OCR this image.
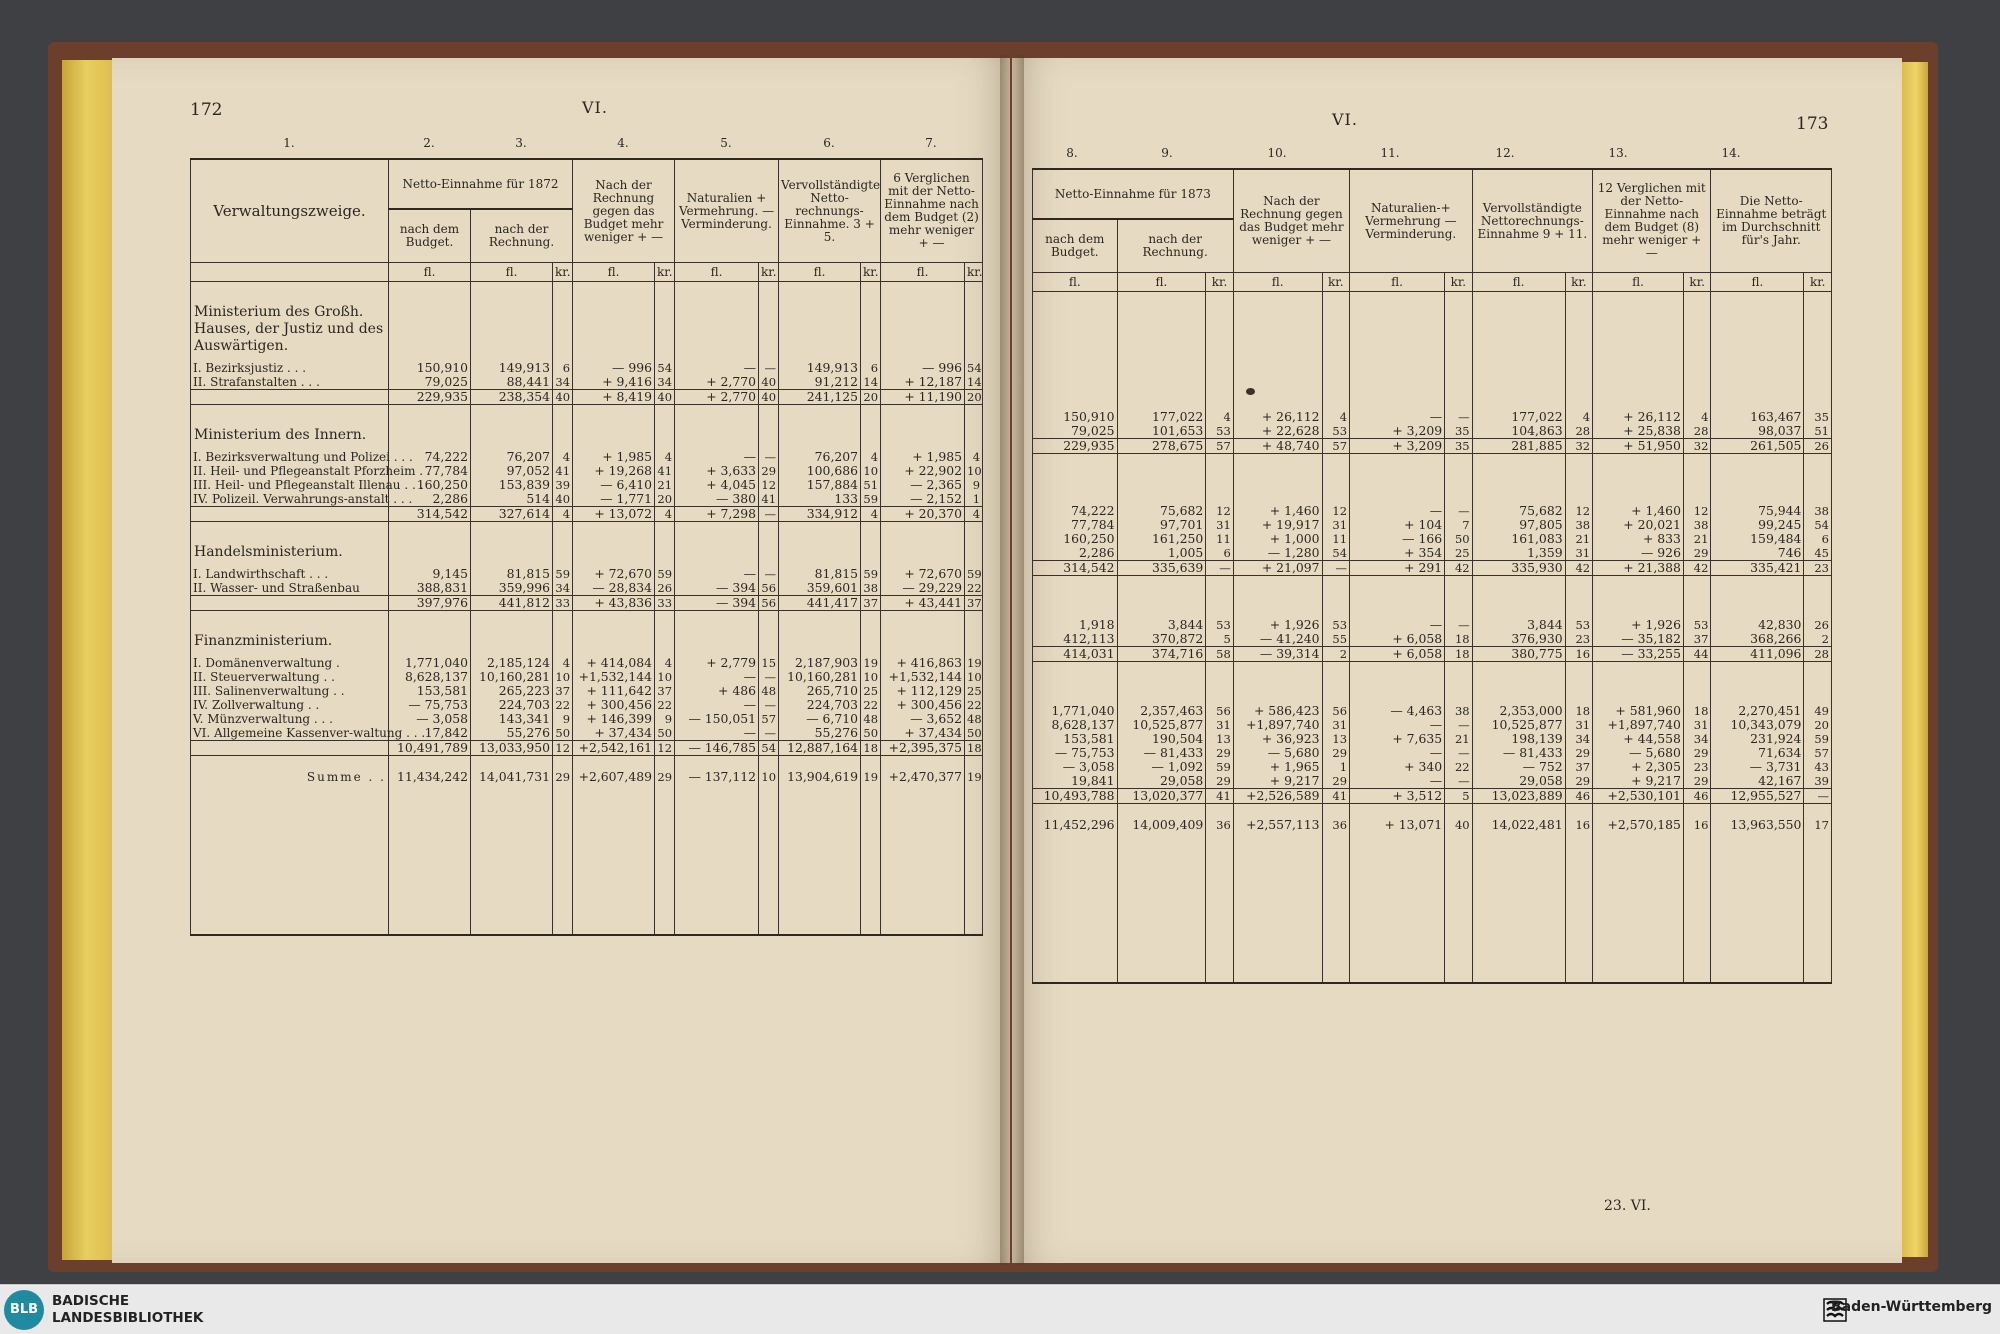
172	VI.
1.	2.	3.	4.	5.	6.	7.
Verwaltungszweige.	Netto-Einnahme für 1872			Nach der Rechnung gegen das Budget mehr weniger + —		Naturalien + Vermehrung. — Verminderung.		Vervollständigte Netto-rechnungs-Einnahme. 3 + 5.		6 Verglichen mit der Netto-Einnahme nach dem Budget (2) mehr weniger + —	
	nach dem Budget.	nach der Rechnung.									
	fl.	fl.	kr.	fl.	kr.	fl.	kr.	fl.	kr.	fl.	kr.

Ministerium des Großh. Hauses, der Justiz und des Auswärtigen.											
I. Bezirksjustiz . . .	150,910	149,913	6	— 996	54	—	—	149,913	6	— 996	54
II. Strafanstalten . . .	79,025	88,441	34	+ 9,416	34	+ 2,770	40	91,212	14	+ 12,187	14
	229,935	238,354	40	+ 8,419	40	+ 2,770	40	241,125	20	+ 11,190	20

Ministerium des Innern.											
I. Bezirksverwaltung und Polizei . . .	74,222	76,207	4	+ 1,985	4	—	—	76,207	4	+ 1,985	4
II. Heil- und Pflegeanstalt Pforzheim . . .	77,784	97,052	41	+ 19,268	41	+ 3,633	29	100,686	10	+ 22,902	10
III. Heil- und Pflegeanstalt Illenau . . .	160,250	153,839	39	— 6,410	21	+ 4,045	12	157,884	51	— 2,365	9
IV. Polizeil. Verwahrungs-anstalt . . .	2,286	514	40	— 1,771	20	— 380	41	133	59	— 2,152	1
	314,542	327,614	4	+ 13,072	4	+ 7,298	—	334,912	4	+ 20,370	4

Handelsministerium.											
I. Landwirthschaft . . .	9,145	81,815	59	+ 72,670	59	—	—	81,815	59	+ 72,670	59
II. Wasser- und Straßenbau	388,831	359,996	34	— 28,834	26	— 394	56	359,601	38	— 29,229	22
	397,976	441,812	33	+ 43,836	33	— 394	56	441,417	37	+ 43,441	37

Finanzministerium.											
I. Domänenverwaltung .	1,771,040	2,185,124	4	+ 414,084	4	+ 2,779	15	2,187,903	19	+ 416,863	19
II. Steuerverwaltung . .	8,628,137	10,160,281	10	+1,532,144	10	—	—	10,160,281	10	+1,532,144	10
III. Salinenverwaltung . .	153,581	265,223	37	+ 111,642	37	+ 486	48	265,710	25	+ 112,129	25
IV. Zollverwaltung . .	— 75,753	224,703	22	+ 300,456	22	—	—	224,703	22	+ 300,456	22
V. Münzverwaltung . . .	— 3,058	143,341	9	+ 146,399	9	— 150,051	57	— 6,710	48	— 3,652	48
VI. Allgemeine Kassenver-waltung . . .	17,842	55,276	50	+ 37,434	50	—	—	55,276	50	+ 37,434	50
	10,491,789	13,033,950	12	+2,542,161	12	— 146,785	54	12,887,164	18	+2,395,375	18

Summe . .	11,434,242	14,041,731	29	+2,607,489	29	— 137,112	10	13,904,619	19	+2,470,377	19

VI.	173
8.	9.	10.	11.	12.	13.	14.
Netto-Einnahme für 1873			Nach der Rechnung gegen das Budget mehr weniger + —		Naturalien-+ Vermehrung — Verminderung.		Vervollständigte Nettorechnungs-Einnahme 9 + 11.		12 Verglichen mit der Netto-Einnahme nach dem Budget (8) mehr weniger + —		Die Netto-Einnahme beträgt im Durchschnitt für's Jahr.	
nach dem Budget.	nach der Rechnung.											
fl.	fl.	kr.	fl.	kr.	fl.	kr.	fl.	kr.	fl.	kr.	fl.	kr.

150,910	177,022	4	+ 26,112	4	—	—	177,022	4	+ 26,112	4	163,467	35
79,025	101,653	53	+ 22,628	53	+ 3,209	35	104,863	28	+ 25,838	28	98,037	51
229,935	278,675	57	+ 48,740	57	+ 3,209	35	281,885	32	+ 51,950	32	261,505	26

74,222	75,682	12	+ 1,460	12	—	—	75,682	12	+ 1,460	12	75,944	38
77,784	97,701	31	+ 19,917	31	+ 104	7	97,805	38	+ 20,021	38	99,245	54
160,250	161,250	11	+ 1,000	11	— 166	50	161,083	21	+ 833	21	159,484	6
2,286	1,005	6	— 1,280	54	+ 354	25	1,359	31	— 926	29	746	45
314,542	335,639	—	+ 21,097	—	+ 291	42	335,930	42	+ 21,388	42	335,421	23

1,918	3,844	53	+ 1,926	53	—	—	3,844	53	+ 1,926	53	42,830	26
412,113	370,872	5	— 41,240	55	+ 6,058	18	376,930	23	— 35,182	37	368,266	2
414,031	374,716	58	— 39,314	2	+ 6,058	18	380,775	16	— 33,255	44	411,096	28

1,771,040	2,357,463	56	+ 586,423	56	— 4,463	38	2,353,000	18	+ 581,960	18	2,270,451	49
8,628,137	10,525,877	31	+1,897,740	31	—	—	10,525,877	31	+1,897,740	31	10,343,079	20
153,581	190,504	13	+ 36,923	13	+ 7,635	21	198,139	34	+ 44,558	34	231,924	59
— 75,753	— 81,433	29	— 5,680	29	—	—	— 81,433	29	— 5,680	29	71,634	57
— 3,058	— 1,092	59	+ 1,965	1	+ 340	22	— 752	37	+ 2,305	23	— 3,731	43
19,841	29,058	29	+ 9,217	29	—	—	29,058	29	+ 9,217	29	42,167	39
10,493,788	13,020,377	41	+2,526,589	41	+ 3,512	5	13,023,889	46	+2,530,101	46	12,955,527	—

11,452,296	14,009,409	36	+2,557,113	36	+ 13,071	40	14,022,481	16	+2,570,185	16	13,963,550	17

23. VI.
BLB
BADISCHE
LANDESBIBLIOTHEK
Baden-Württemberg
